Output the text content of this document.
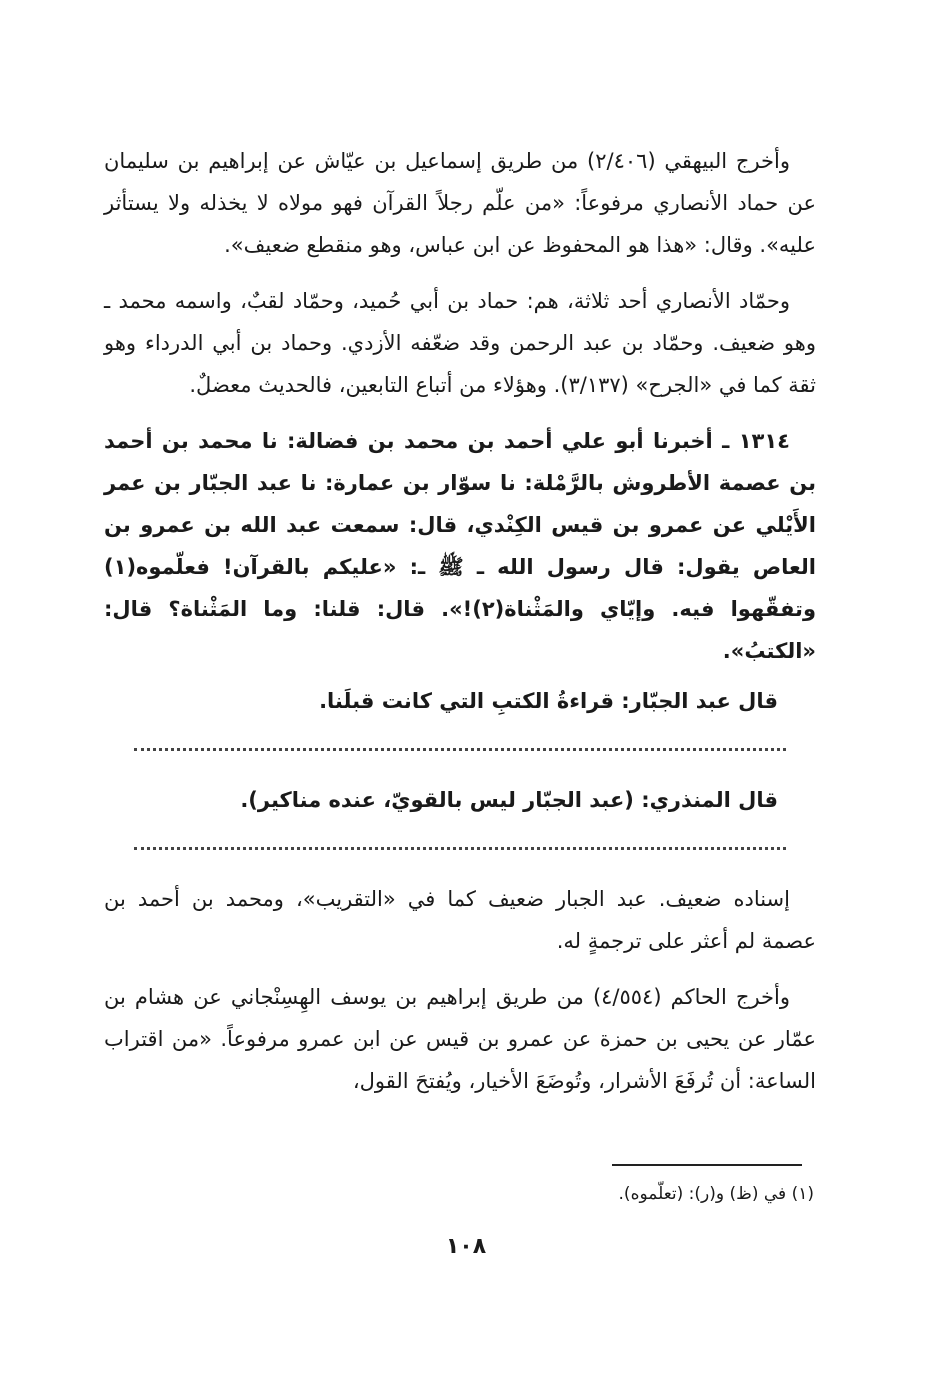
وأخرج البيهقي (٢/٤٠٦) من طريق إسماعيل بن عيّاش عن إبراهيم بن سليمان عن حماد الأنصاري مرفوعاً: «من علّم رجلاً القرآن فهو مولاه لا يخذله ولا يستأثر عليه». وقال: «هذا هو المحفوظ عن ابن عباس، وهو منقطع ضعيف».

وحمّاد الأنصاري أحد ثلاثة، هم: حماد بن أبي حُميد، وحمّاد لقبٌ، واسمه محمد ـ وهو ضعيف. وحمّاد بن عبد الرحمن وقد ضعّفه الأزدي. وحماد بن أبي الدرداء وهو ثقة كما في «الجرح» (٣/١٣٧). وهؤلاء من أتباع التابعين، فالحديث معضلٌ.

١٣١٤ ـ أخبرنا أبو علي أحمد بن محمد بن فضالة: نا محمد بن أحمد بن عصمة الأطروش بالرَّمْلة: نا سوّار بن عمارة: نا عبد الجبّار بن عمر الأَيْلي عن عمرو بن قيس الكِنْدي، قال: سمعت عبد الله بن عمرو بن العاص يقول: قال رسول الله ـ ﷺ ـ: «عليكم بالقرآن! فعلّموه(١) وتفقّهوا فيه. وإيّاي والمَثْناة(٢)!». قال: قلنا: وما المَثْناة؟ قال: «الكتبُ».

قال عبد الجبّار: قراءةُ الكتبِ التي كانت قبلَنا.

قال المنذري: (عبد الجبّار ليس بالقويّ، عنده مناكير).

إسناده ضعيف. عبد الجبار ضعيف كما في «التقريب»، ومحمد بن أحمد بن عصمة لم أعثر على ترجمةٍ له.

وأخرج الحاكم (٤/٥٥٤) من طريق إبراهيم بن يوسف الهِسِنْجاني عن هشام بن عمّار عن يحيى بن حمزة عن عمرو بن قيس عن ابن عمرو مرفوعاً. «من اقتراب الساعة: أن تُرفَعَ الأشرار، وتُوضَعَ الأخيار، ويُفتحَ القول،

(١) في (ظ) و(ر): (تعلّموه).
١٠٨
